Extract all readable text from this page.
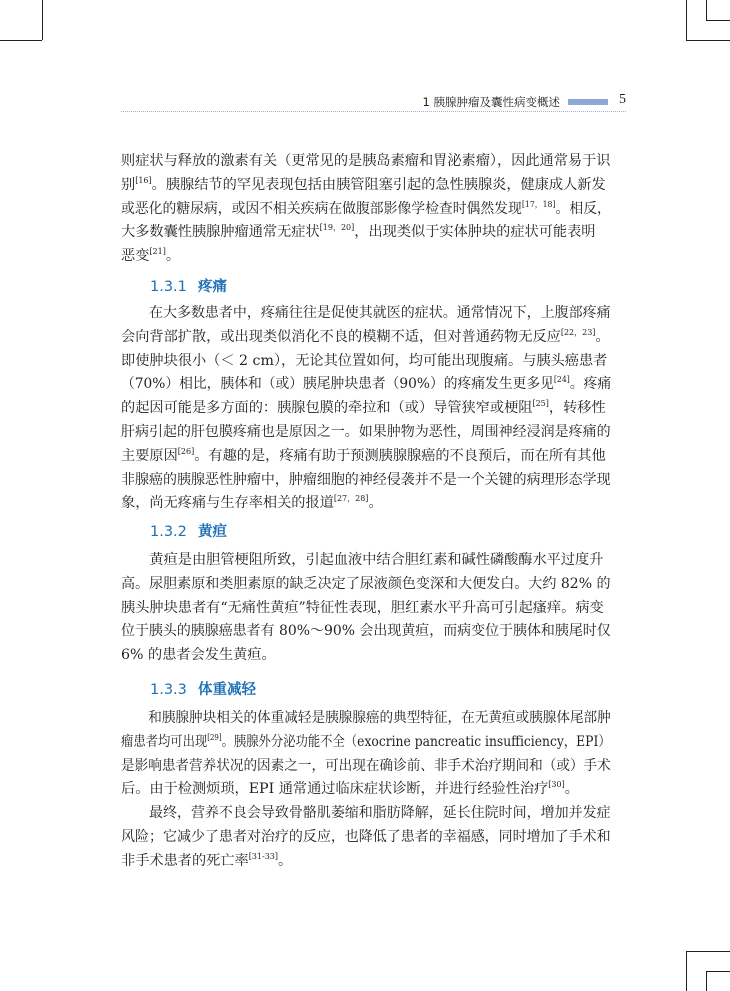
1 胰腺肿瘤及囊性病变概述	5
则症状与释放的激素有关（更常见的是胰岛素瘤和胃泌素瘤），因此通常易于识
别[16]。胰腺结节的罕见表现包括由胰管阻塞引起的急性胰腺炎，健康成人新发
或恶化的糖尿病，或因不相关疾病在做腹部影像学检查时偶然发现[17，18]。相反，
大多数囊性胰腺肿瘤通常无症状[19，20]，出现类似于实体肿块的症状可能表明
恶变[21]。
1.3.1 疼痛
　　在大多数患者中，疼痛往往是促使其就医的症状。通常情况下，上腹部疼痛
会向背部扩散，或出现类似消化不良的模糊不适，但对普通药物无反应[22，23]。
即使肿块很小（＜ 2 cm），无论其位置如何，均可能出现腹痛。与胰头癌患者
（70%）相比，胰体和（或）胰尾肿块患者（90%）的疼痛发生更多见[24]。疼痛
的起因可能是多方面的：胰腺包膜的牵拉和（或）导管狭窄或梗阻[25]，转移性
肝病引起的肝包膜疼痛也是原因之一。如果肿物为恶性，周围神经浸润是疼痛的
主要原因[26]。有趣的是，疼痛有助于预测胰腺腺癌的不良预后，而在所有其他
非腺癌的胰腺恶性肿瘤中，肿瘤细胞的神经侵袭并不是一个关键的病理形态学现
象，尚无疼痛与生存率相关的报道[27，28]。
1.3.2 黄疸
　　黄疸是由胆管梗阻所致，引起血液中结合胆红素和碱性磷酸酶水平过度升
高。尿胆素原和类胆素原的缺乏决定了尿液颜色变深和大便发白。大约 82% 的
胰头肿块患者有“无痛性黄疸”特征性表现，胆红素水平升高可引起瘙痒。病变
位于胰头的胰腺癌患者有 80%～90% 会出现黄疸，而病变位于胰体和胰尾时仅
6% 的患者会发生黄疸。
1.3.3 体重减轻
　　和胰腺肿块相关的体重减轻是胰腺腺癌的典型特征，在无黄疸或胰腺体尾部肿
瘤患者均可出现[29]。胰腺外分泌功能不全（exocrine pancreatic insufficiency，EPI）
是影响患者营养状况的因素之一，可出现在确诊前、非手术治疗期间和（或）手术
后。由于检测烦琐，EPI 通常通过临床症状诊断，并进行经验性治疗[30]。
　　最终，营养不良会导致骨骼肌萎缩和脂肪降解，延长住院时间，增加并发症
风险；它减少了患者对治疗的反应，也降低了患者的幸福感，同时增加了手术和
非手术患者的死亡率[31-33]。
